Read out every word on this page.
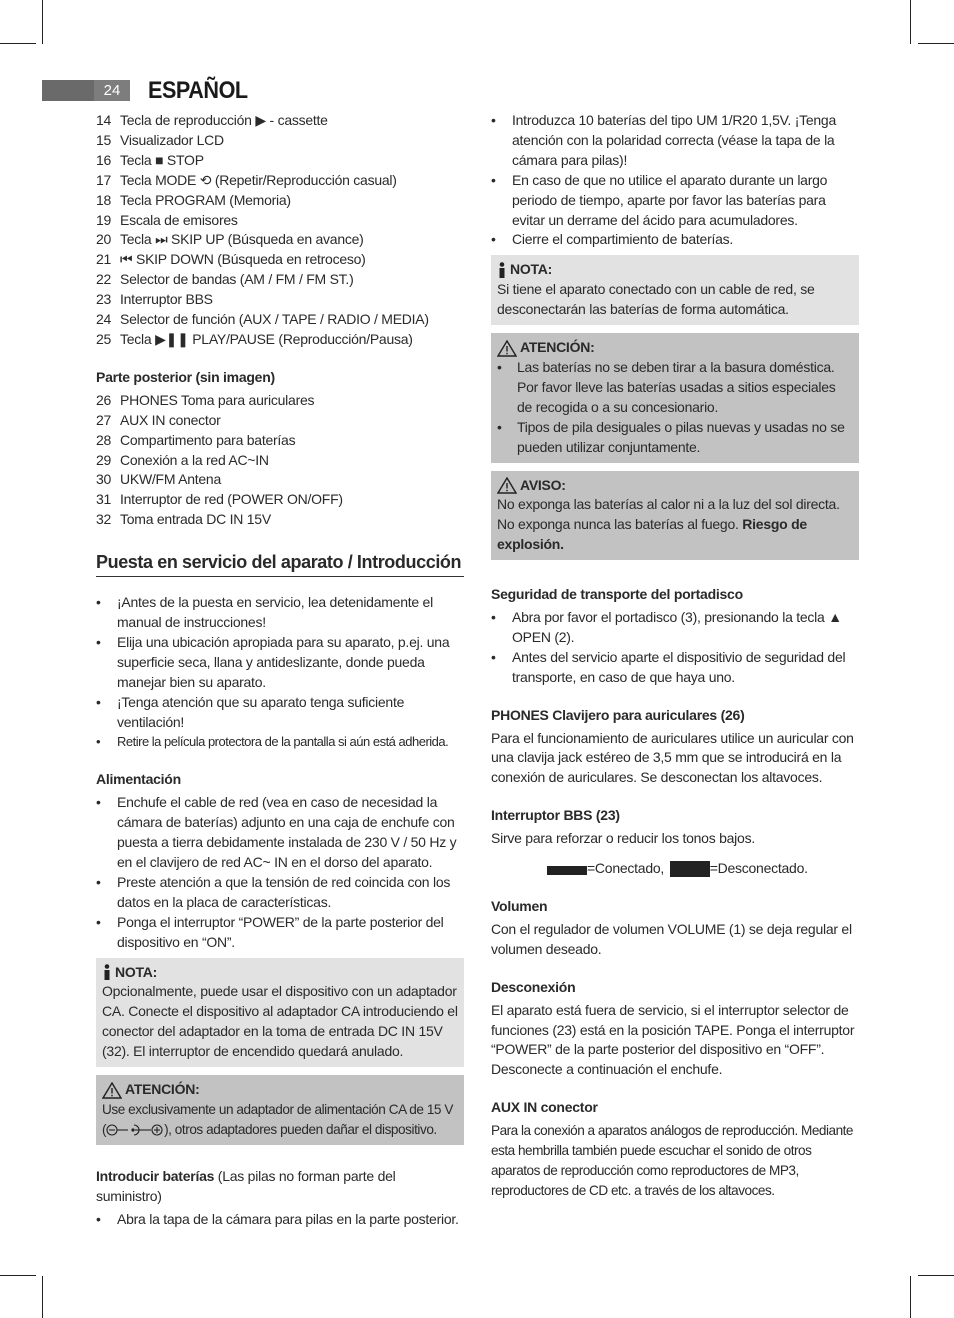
24	ESPAÑOL
14 Tecla de reproducción ▶ - cassette
15 Visualizador LCD
16 Tecla ■ STOP
17 Tecla MODE ⟲ (Repetir/Reproducción casual)
18 Tecla PROGRAM (Memoria)
19 Escala de emisores
20 Tecla ⏭ SKIP UP (Búsqueda en avance)
21 ⏮ SKIP DOWN (Búsqueda en retroceso)
22 Selector de bandas (AM / FM / FM ST.)
23 Interruptor BBS
24 Selector de función (AUX / TAPE / RADIO / MEDIA)
25 Tecla ▶❚❚ PLAY/PAUSE (Reproducción/Pausa)
Parte posterior (sin imagen)
26 PHONES Toma para auriculares
27 AUX IN conector
28 Compartimento para baterías
29 Conexión a la red AC~IN
30 UKW/FM Antena
31 Interruptor de red (POWER ON/OFF)
32 Toma entrada DC IN 15V
Puesta en servicio del aparato / Introducción
• ¡Antes de la puesta en servicio, lea detenidamente el manual de instrucciones!
• Elija una ubicación apropiada para su aparato, p.ej. una superficie seca, llana y antideslizante, donde pueda manejar bien su aparato.
• ¡Tenga atención que su aparato tenga suficiente ventilación!
• Retire la película protectora de la pantalla si aún está adherida.
Alimentación
• Enchufe el cable de red (vea en caso de necesidad la cámara de baterías) adjunto en una caja de enchufe con puesta a tierra debidamente instalada de 230 V / 50 Hz y en el clavijero de red AC~ IN en el dorso del aparato.
• Preste atención a que la tensión de red coincida con los datos en la placa de características.
• Ponga el interruptor “POWER” de la parte posterior del dispositivo en “ON”.
NOTA:

Opcionalmente, puede usar el dispositivo con un adaptador CA. Conecte el dispositivo al adaptador CA introduciendo el conector del adaptador en la toma de entrada DC IN 15V (32). El interruptor de encendido quedará anulado.

ATENCIÓN:

Use exclusivamente un adaptador de alimentación CA de 15 V
(	), otros adaptadores pueden dañar el dispositivo.

Introducir baterías (Las pilas no forman parte del suministro)
• Abra la tapa de la cámara para pilas en la parte posterior.
• Introduzca 10 baterías del tipo UM 1/R20 1,5V. ¡Tenga atención con la polaridad correcta (véase la tapa de la cámara para pilas)!
• En caso de que no utilice el aparato durante un largo periodo de tiempo, aparte por favor las baterías para evitar un derrame del ácido para acumuladores.
• Cierre el compartimiento de baterías.
NOTA:

Si tiene el aparato conectado con un cable de red, se desconectarán las baterías de forma automática.

ATENCIÓN:
• Las baterías no se deben tirar a la basura doméstica. Por favor lleve las baterías usadas a sitios especiales de recogida o a su concesionario.
• Tipos de pila desiguales o pilas nuevas y usadas no se pueden utilizar conjuntamente.
AVISO:

No exponga las baterías al calor ni a la luz del sol directa. No exponga nunca las baterías al fuego. Riesgo de explosión.

Seguridad de transporte del portadisco
• Abra por favor el portadisco (3), presionando la tecla ▲ OPEN (2).
• Antes del servicio aparte el dispositivio de seguridad del transporte, en caso de que haya uno.
PHONES Clavijero para auriculares (26)

Para el funcionamiento de auriculares utilice un auricular con una clavija jack estéreo de 3,5 mm que se introducirá en la conexión de auriculares. Se desconectan los altavoces.

Interruptor BBS (23)

Sirve para reforzar o reducir los tonos bajos.

=Conectado,	=Desconectado.

Volumen

Con el regulador de volumen VOLUME (1) se deja regular el volumen deseado.

Desconexión

El aparato está fuera de servicio, si el interruptor selector de funciones (23) está en la posición TAPE. Ponga el interruptor “POWER” de la parte posterior del dispositivo en “OFF”. Desconecte a continuación el enchufe.

AUX IN conector

Para la conexión a aparatos análogos de reproducción. Mediante esta hembrilla también puede escuchar el sonido de otros aparatos de reproducción como reproductores de MP3, reproductores de CD etc. a través de los altavoces.
